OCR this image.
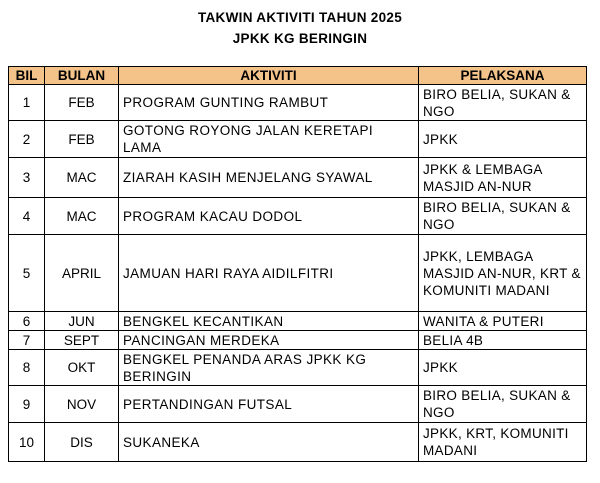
TAKWIN AKTIVITI TAHUN 2025
JPKK KG BERINGIN
BIL	BULAN	AKTIVITI	PELAKSANA
1	FEB	PROGRAM GUNTING RAMBUT	BIRO BELIA, SUKAN & NGO
2	FEB	GOTONG ROYONG JALAN KERETAPI LAMA	JPKK
3	MAC	ZIARAH KASIH MENJELANG SYAWAL	JPKK & LEMBAGA MASJID AN-NUR
4	MAC	PROGRAM KACAU DODOL	BIRO BELIA, SUKAN & NGO
5	APRIL	JAMUAN HARI RAYA AIDILFITRI	JPKK, LEMBAGA MASJID AN-NUR, KRT & KOMUNITI MADANI
6	JUN	BENGKEL KECANTIKAN	WANITA & PUTERI
7	SEPT	PANCINGAN MERDEKA	BELIA 4B
8	OKT	BENGKEL PENANDA ARAS JPKK KG BERINGIN	JPKK
9	NOV	PERTANDINGAN FUTSAL	BIRO BELIA, SUKAN & NGO
10	DIS	SUKANEKA	JPKK, KRT, KOMUNITI MADANI
